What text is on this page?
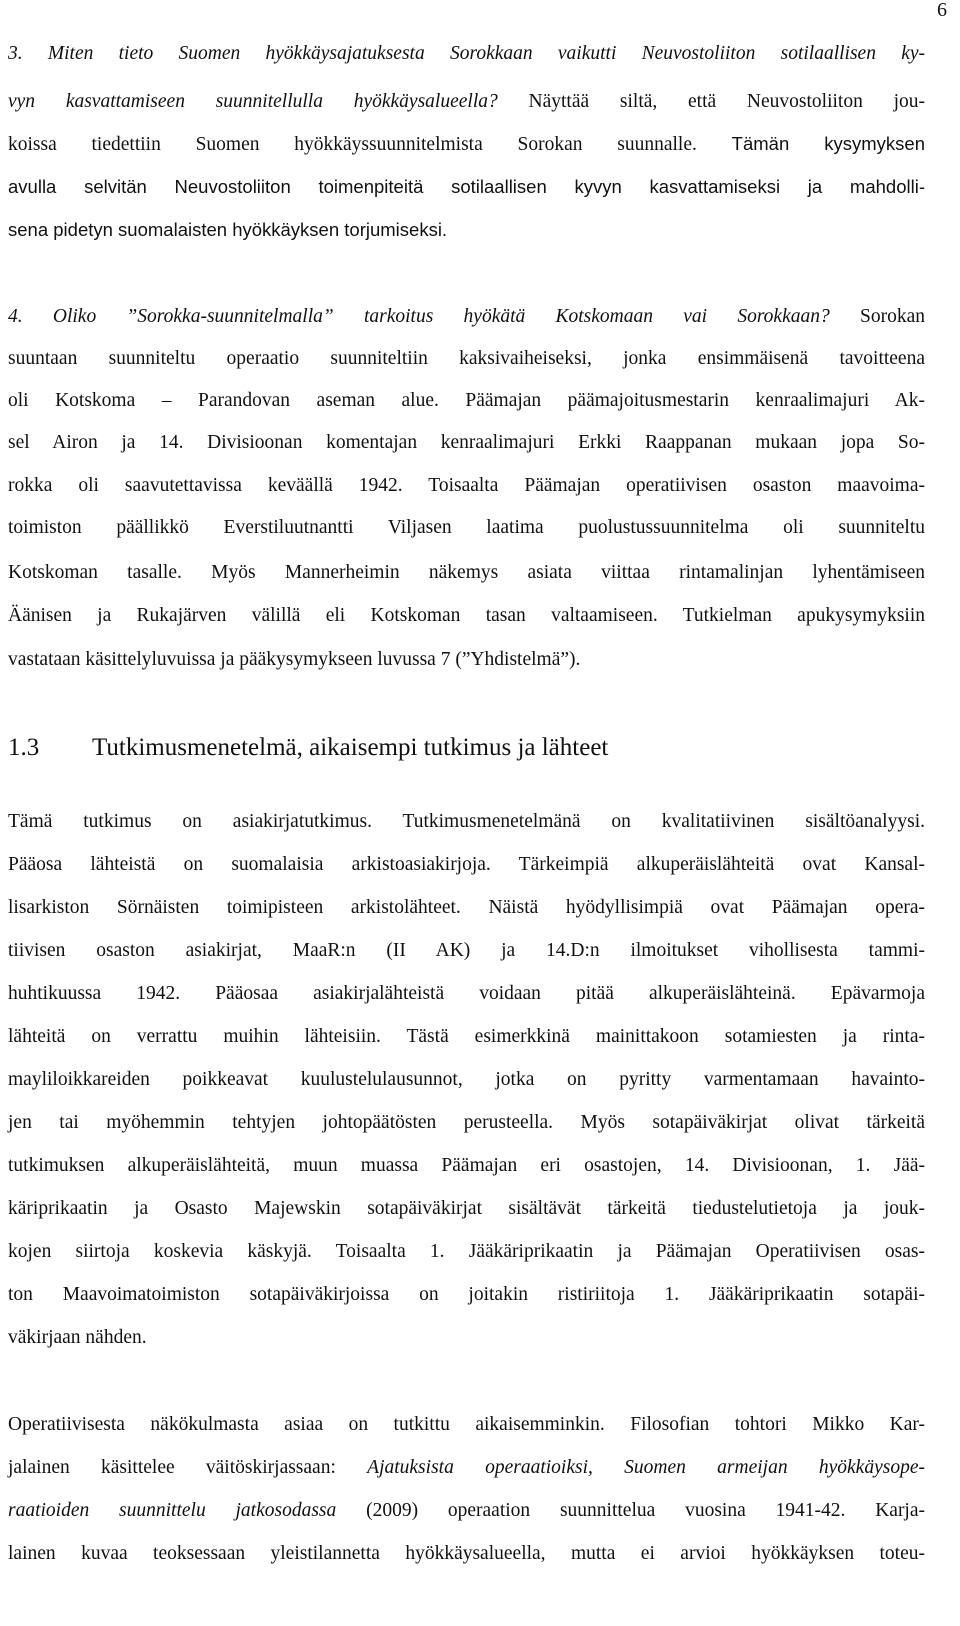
6
3. Miten tieto Suomen hyökkäysajatuksesta Sorokkaan vaikutti Neuvostoliiton sotilaallisen ky-
vyn kasvattamiseen suunnitellulla hyökkäysalueella? Näyttää siltä, että Neuvostoliiton jou-
koissa tiedettiin Suomen hyökkäyssuunnitelmista Sorokan suunnalle. Tämän kysymyksen
avulla selvitän Neuvostoliiton toimenpiteitä sotilaallisen kyvyn kasvattamiseksi ja mahdolli-
sena pidetyn suomalaisten hyökkäyksen torjumiseksi.
4. Oliko ”Sorokka-suunnitelmalla” tarkoitus hyökätä Kotskomaan vai Sorokkaan? Sorokan
suuntaan suunniteltu operaatio suunniteltiin kaksivaiheiseksi, jonka ensimmäisenä tavoitteena
oli Kotskoma – Parandovan aseman alue. Päämajan päämajoitusmestarin kenraalimajuri Ak-
sel Airon ja 14. Divisioonan komentajan kenraalimajuri Erkki Raappanan mukaan jopa So-
rokka oli saavutettavissa keväällä 1942. Toisaalta Päämajan operatiivisen osaston maavoima-
toimiston päällikkö Everstiluutnantti Viljasen laatima puolustussuunnitelma oli suunniteltu
Kotskoman tasalle. Myös Mannerheimin näkemys asiata viittaa rintamalinjan lyhentämiseen
Äänisen ja Rukajärven välillä eli Kotskoman tasan valtaamiseen. Tutkielman apukysymyksiin
vastataan käsittelyluvuissa ja pääkysymykseen luvussa 7 (”Yhdistelmä”).
1.3 Tutkimusmenetelmä, aikaisempi tutkimus ja lähteet
Tämä tutkimus on asiakirjatutkimus. Tutkimusmenetelmänä on kvalitatiivinen sisältöanalyysi.
Pääosa lähteistä on suomalaisia arkistoasiakirjoja. Tärkeimpiä alkuperäislähteitä ovat Kansal-
lisarkiston Sörnäisten toimipisteen arkistolähteet. Näistä hyödyllisimpiä ovat Päämajan opera-
tiivisen osaston asiakirjat, MaaR:n (II AK) ja 14.D:n ilmoitukset vihollisesta tammi-
huhtikuussa 1942. Pääosaa asiakirjalähteistä voidaan pitää alkuperäislähteinä. Epävarmoja
lähteitä on verrattu muihin lähteisiin. Tästä esimerkkinä mainittakoon sotamiesten ja rinta-
mayliloikkareiden poikkeavat kuulustelulausunnot, jotka on pyritty varmentamaan havainto-
jen tai myöhemmin tehtyjen johtopäätösten perusteella. Myös sotapäiväkirjat olivat tärkeitä
tutkimuksen alkuperäislähteitä, muun muassa Päämajan eri osastojen, 14. Divisioonan, 1. Jää-
käriprikaatin ja Osasto Majewskin sotapäiväkirjat sisältävät tärkeitä tiedustelutietoja ja jouk-
kojen siirtoja koskevia käskyjä. Toisaalta 1. Jääkäriprikaatin ja Päämajan Operatiivisen osas-
ton Maavoimatoimiston sotapäiväkirjoissa on joitakin ristiriitoja 1. Jääkäriprikaatin sotapäi-
väkirjaan nähden.
Operatiivisesta näkökulmasta asiaa on tutkittu aikaisemminkin. Filosofian tohtori Mikko Kar-
jalainen käsittelee väitöskirjassaan: Ajatuksista operaatioiksi, Suomen armeijan hyökkäysope-
raatioiden suunnittelu jatkosodassa (2009) operaation suunnittelua vuosina 1941-42. Karja-
lainen kuvaa teoksessaan yleistilannetta hyökkäysalueella, mutta ei arvioi hyökkäyksen toteu-
